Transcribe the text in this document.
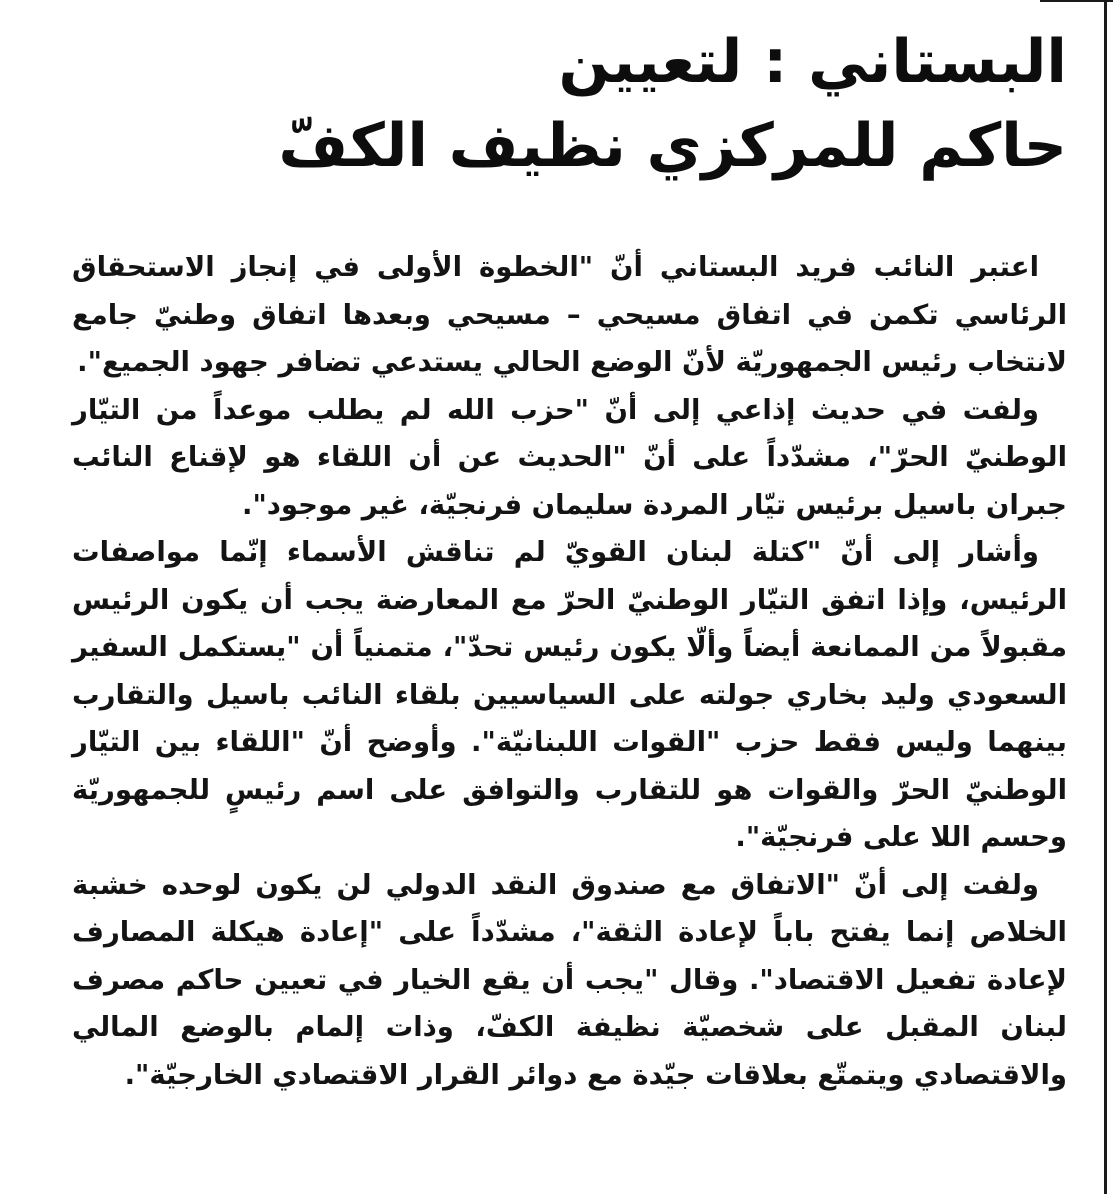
البستاني : لتعيين
حاكم للمركزي نظيف الكفّ

اعتبر النائب فريد البستاني أنّ "الخطوة الأولى في إنجاز الاستحقاق الرئاسي تكمن في اتفاق مسيحي – مسيحي وبعدها اتفاق وطنيّ جامع لانتخاب رئيس الجمهوريّة لأنّ الوضع الحالي يستدعي تضافر جهود الجميع".

ولفت في حديث إذاعي إلى أنّ "حزب الله لم يطلب موعداً من التيّار الوطنيّ الحرّ"، مشدّداً على أنّ "الحديث عن أن اللقاء هو لإقناع النائب جبران باسيل برئيس تيّار المردة سليمان فرنجيّة، غير موجود".

وأشار إلى أنّ "كتلة لبنان القويّ لم تناقش الأسماء إنّما مواصفات الرئيس، وإذا اتفق التيّار الوطنيّ الحرّ مع المعارضة يجب أن يكون الرئيس مقبولاً من الممانعة أيضاً وألّا يكون رئيس تحدّ"، متمنياً أن "يستكمل السفير السعودي وليد بخاري جولته على السياسيين بلقاء النائب باسيل والتقارب بينهما وليس فقط حزب "القوات اللبنانيّة". وأوضح أنّ "اللقاء بين التيّار الوطنيّ الحرّ والقوات هو للتقارب والتوافق على اسم رئيسٍ للجمهوريّة وحسم اللا على فرنجيّة".

ولفت إلى أنّ "الاتفاق مع صندوق النقد الدولي لن يكون لوحده خشبة الخلاص إنما يفتح باباً لإعادة الثقة"، مشدّداً على "إعادة هيكلة المصارف لإعادة تفعيل الاقتصاد". وقال "يجب أن يقع الخيار في تعيين حاكم مصرف لبنان المقبل على شخصيّة نظيفة الكفّ، وذات إلمام بالوضع المالي والاقتصادي ويتمتّع بعلاقات جيّدة مع دوائر القرار الاقتصادي الخارجيّة".
